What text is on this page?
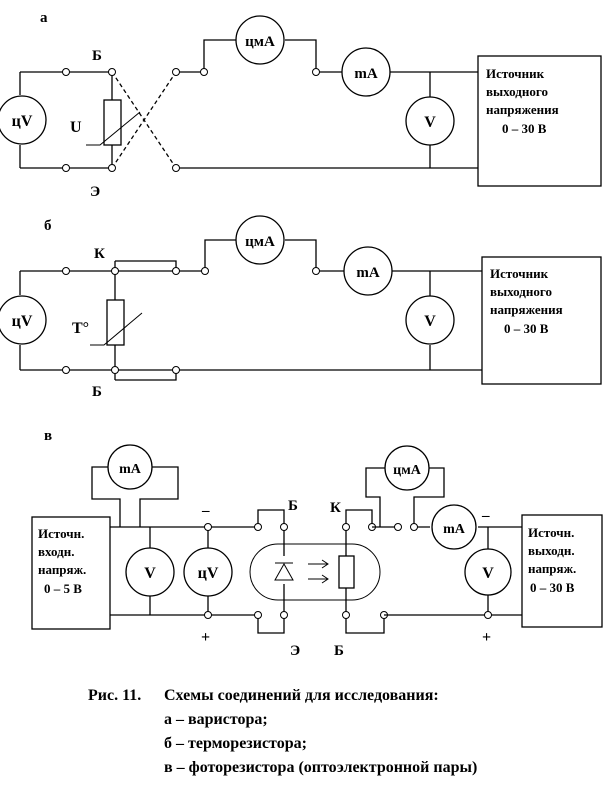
а
U
Б
Э
цV
цмА
mA
V
Источник
выходного
напряжения
0 – 30 В
б
T°
К
Б
цV
цмА
mA
V
Источник
выходного
напряжения
0 – 30 В
в
Источн.
входн.
напряж.
0 – 5 В
mA
V	цV
–
+
Б К
Э Б
цмА
mA
V
–
+
Источн.
выходн.
напряж.
0 – 30 В
Рис. 11. Схемы соединений для исследования:
а – варистора;
б – терморезистора;
в – фоторезистора (оптоэлектронной пары)
